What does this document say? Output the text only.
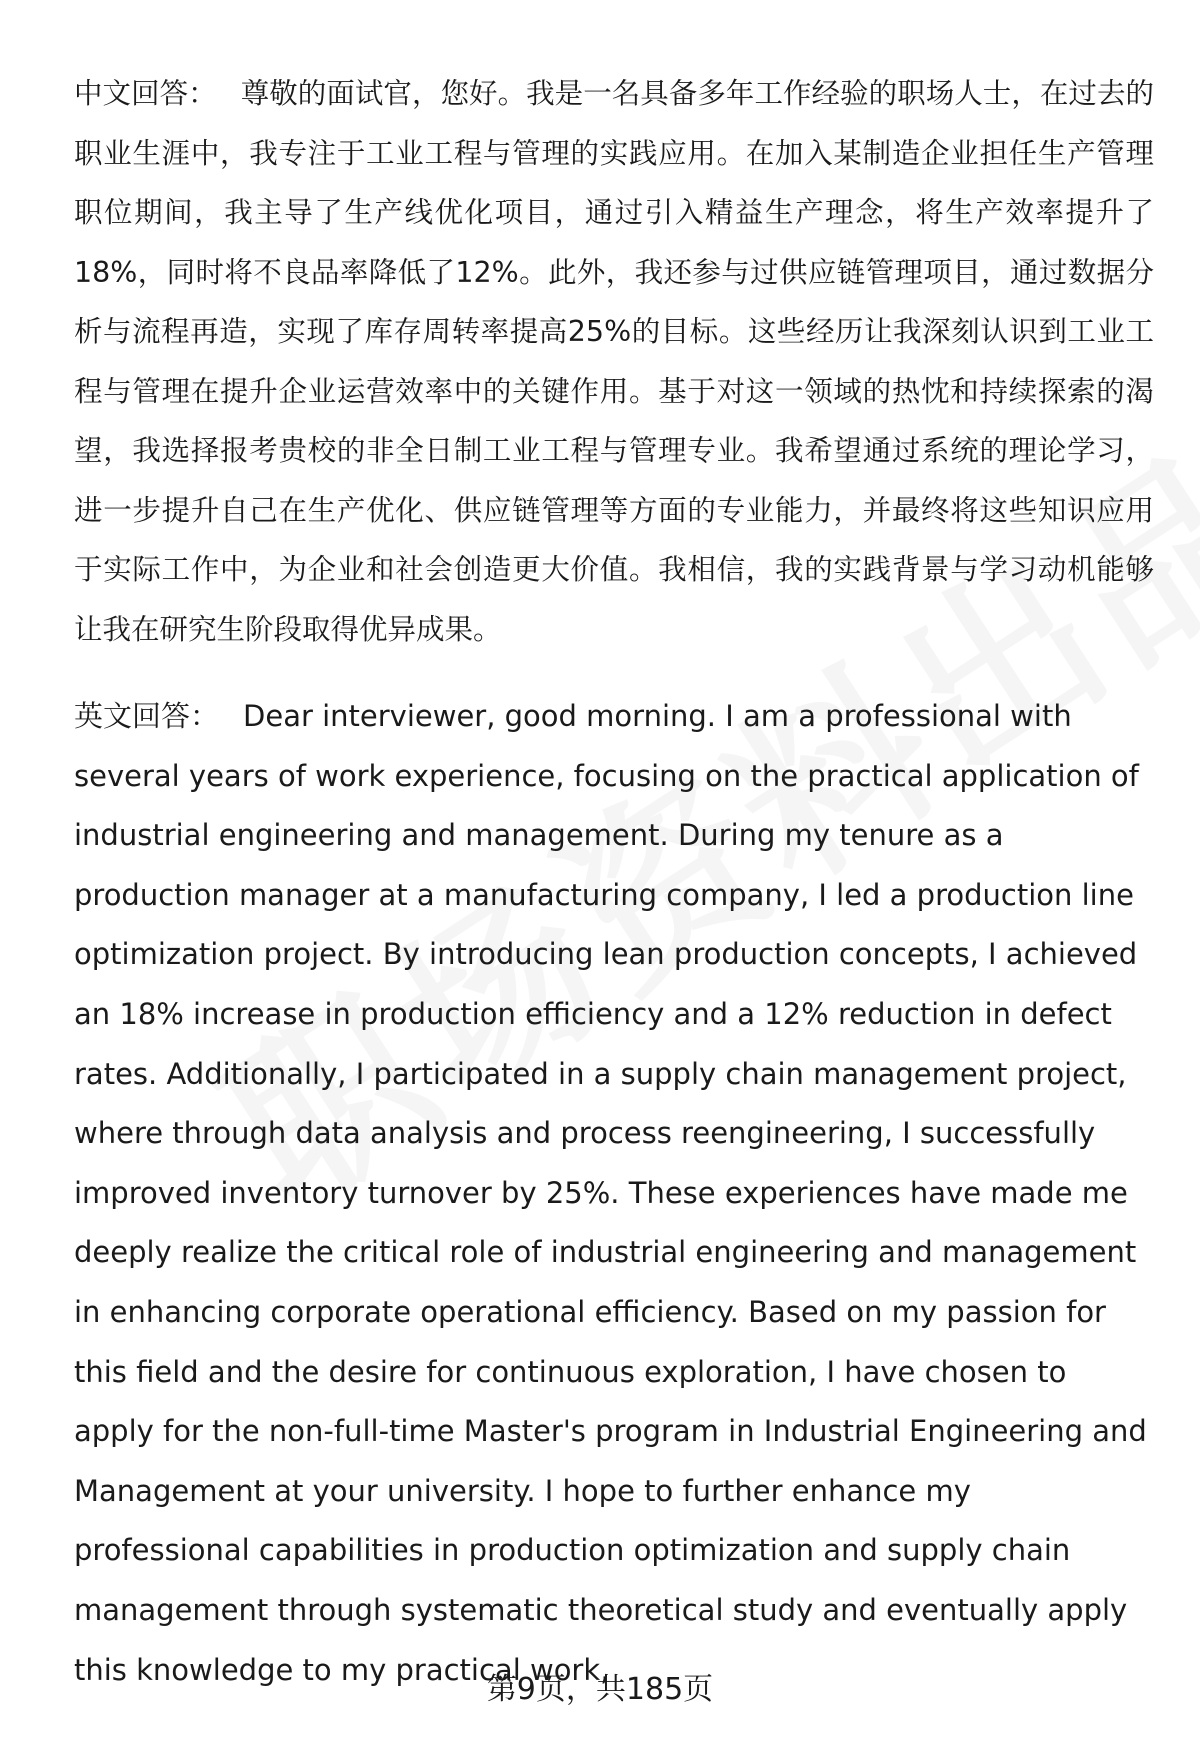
中文回答： 尊敬的面试官，您好。我是一名具备多年工作经验的职场人士，在过去的职业生涯中，我专注于工业工程与管理的实践应用。在加入某制造企业担任生产管理职位期间，我主导了生产线优化项目，通过引入精益生产理念，将生产效率提升了18%，同时将不良品率降低了12%。此外，我还参与过供应链管理项目，通过数据分析与流程再造，实现了库存周转率提高25%的目标。这些经历让我深刻认识到工业工程与管理在提升企业运营效率中的关键作用。基于对这一领域的热忱和持续探索的渴望，我选择报考贵校的非全日制工业工程与管理专业。我希望通过系统的理论学习，进一步提升自己在生产优化、供应链管理等方面的专业能力，并最终将这些知识应用于实际工作中，为企业和社会创造更大价值。我相信，我的实践背景与学习动机能够让我在研究生阶段取得优异成果。

英文回答： Dear interviewer, good morning. I am a professional with several years of work experience, focusing on the practical application of industrial engineering and management. During my tenure as a production manager at a manufacturing company, I led a production line optimization project. By introducing lean production concepts, I achieved an 18% increase in production efficiency and a 12% reduction in defect rates. Additionally, I participated in a supply chain management project, where through data analysis and process reengineering, I successfully improved inventory turnover by 25%. These experiences have made me deeply realize the critical role of industrial engineering and management in enhancing corporate operational efficiency. Based on my passion for this field and the desire for continuous exploration, I have chosen to apply for the non-full-time Master's program in Industrial Engineering and Management at your university. I hope to further enhance my professional capabilities in production optimization and supply chain management through systematic theoretical study and eventually apply this knowledge to my practical work,

第9页，共185页
